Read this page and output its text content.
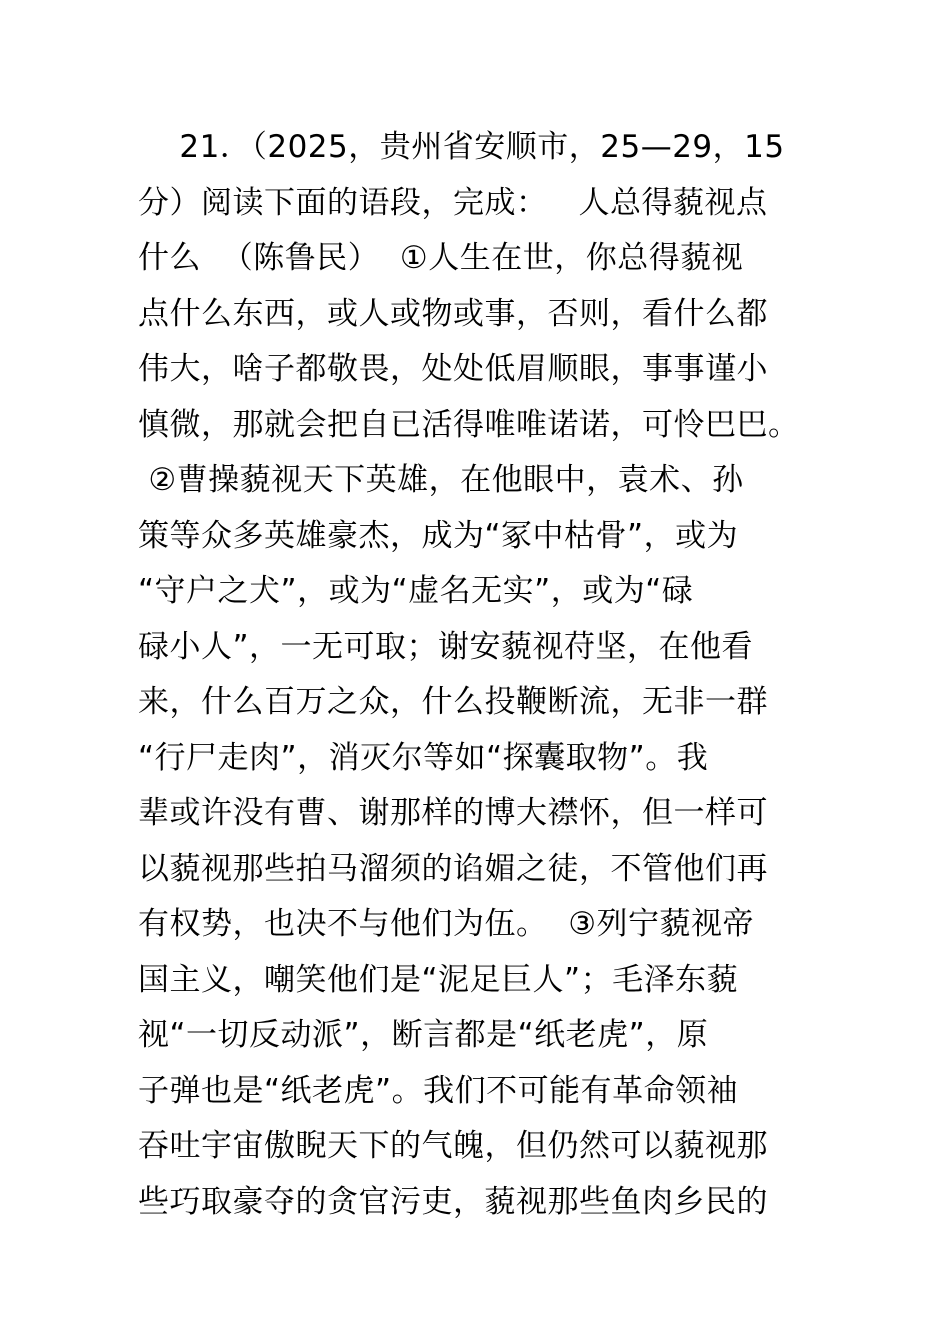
21．（2025，贵州省安顺市，25—29，15
分）阅读下面的语段，完成：   人总得藐视点
什么  （陈鲁民）  ①人生在世，你总得藐视
点什么东西，或人或物或事，否则，看什么都
伟大，啥子都敬畏，处处低眉顺眼，事事谨小
慎微，那就会把自已活得唯唯诺诺，可怜巴巴。
②曹操藐视天下英雄，在他眼中，袁术、孙
策等众多英雄豪杰，成为“冢中枯骨”，或为
“守户之犬”，或为“虚名无实”，或为“碌
碌小人”，一无可取；谢安藐视苻坚，在他看
来，什么百万之众，什么投鞭断流，无非一群
“行尸走肉”，消灭尔等如“探囊取物”。我
辈或许没有曹、谢那样的博大襟怀，但一样可
以藐视那些拍马溜须的谄媚之徒，不管他们再
有权势，也决不与他们为伍。  ③列宁藐视帝
国主义，嘲笑他们是“泥足巨人”；毛泽东藐
视“一切反动派”，断言都是“纸老虎”，原
子弹也是“纸老虎”。我们不可能有革命领袖
吞吐宇宙傲睨天下的气魄，但仍然可以藐视那
些巧取豪夺的贪官污吏，藐视那些鱼肉乡民的
